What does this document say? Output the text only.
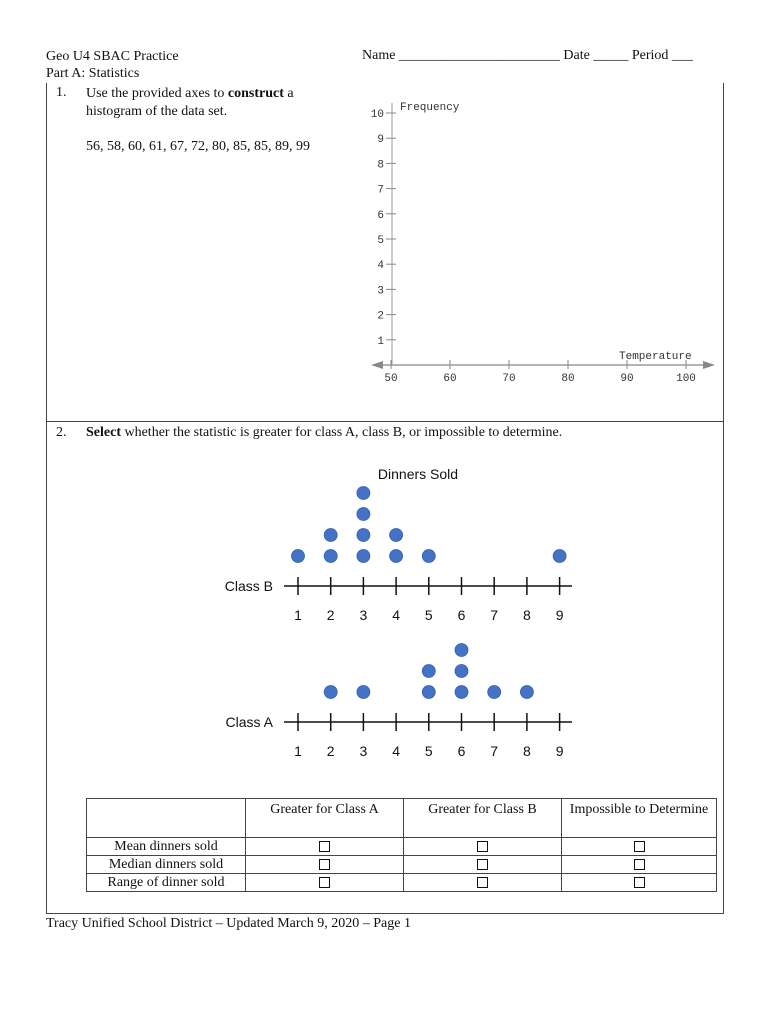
Geo U4 SBAC Practice
Part A: Statistics
Name _______________________ Date _____ Period ___
1. Use the provided axes to construct a histogram of the data set.
56, 58, 60, 61, 67, 72, 80, 85, 85, 89, 99
Frequency
Temperature
1
2
3
4
5
6
7
8
9
10
50	60	70	80	90	100
2. Select whether the statistic is greater for class A, class B, or impossible to determine.
Dinners Sold
Class B
1 2 3 4 5 6 7 8 9
Class A
1 2 3 4 5 6 7 8 9
	Greater for Class A	Greater for Class B	Impossible to Determine
Mean dinners sold			
Median dinners sold			
Range of dinner sold			
Tracy Unified School District – Updated March 9, 2020 – Page 1
